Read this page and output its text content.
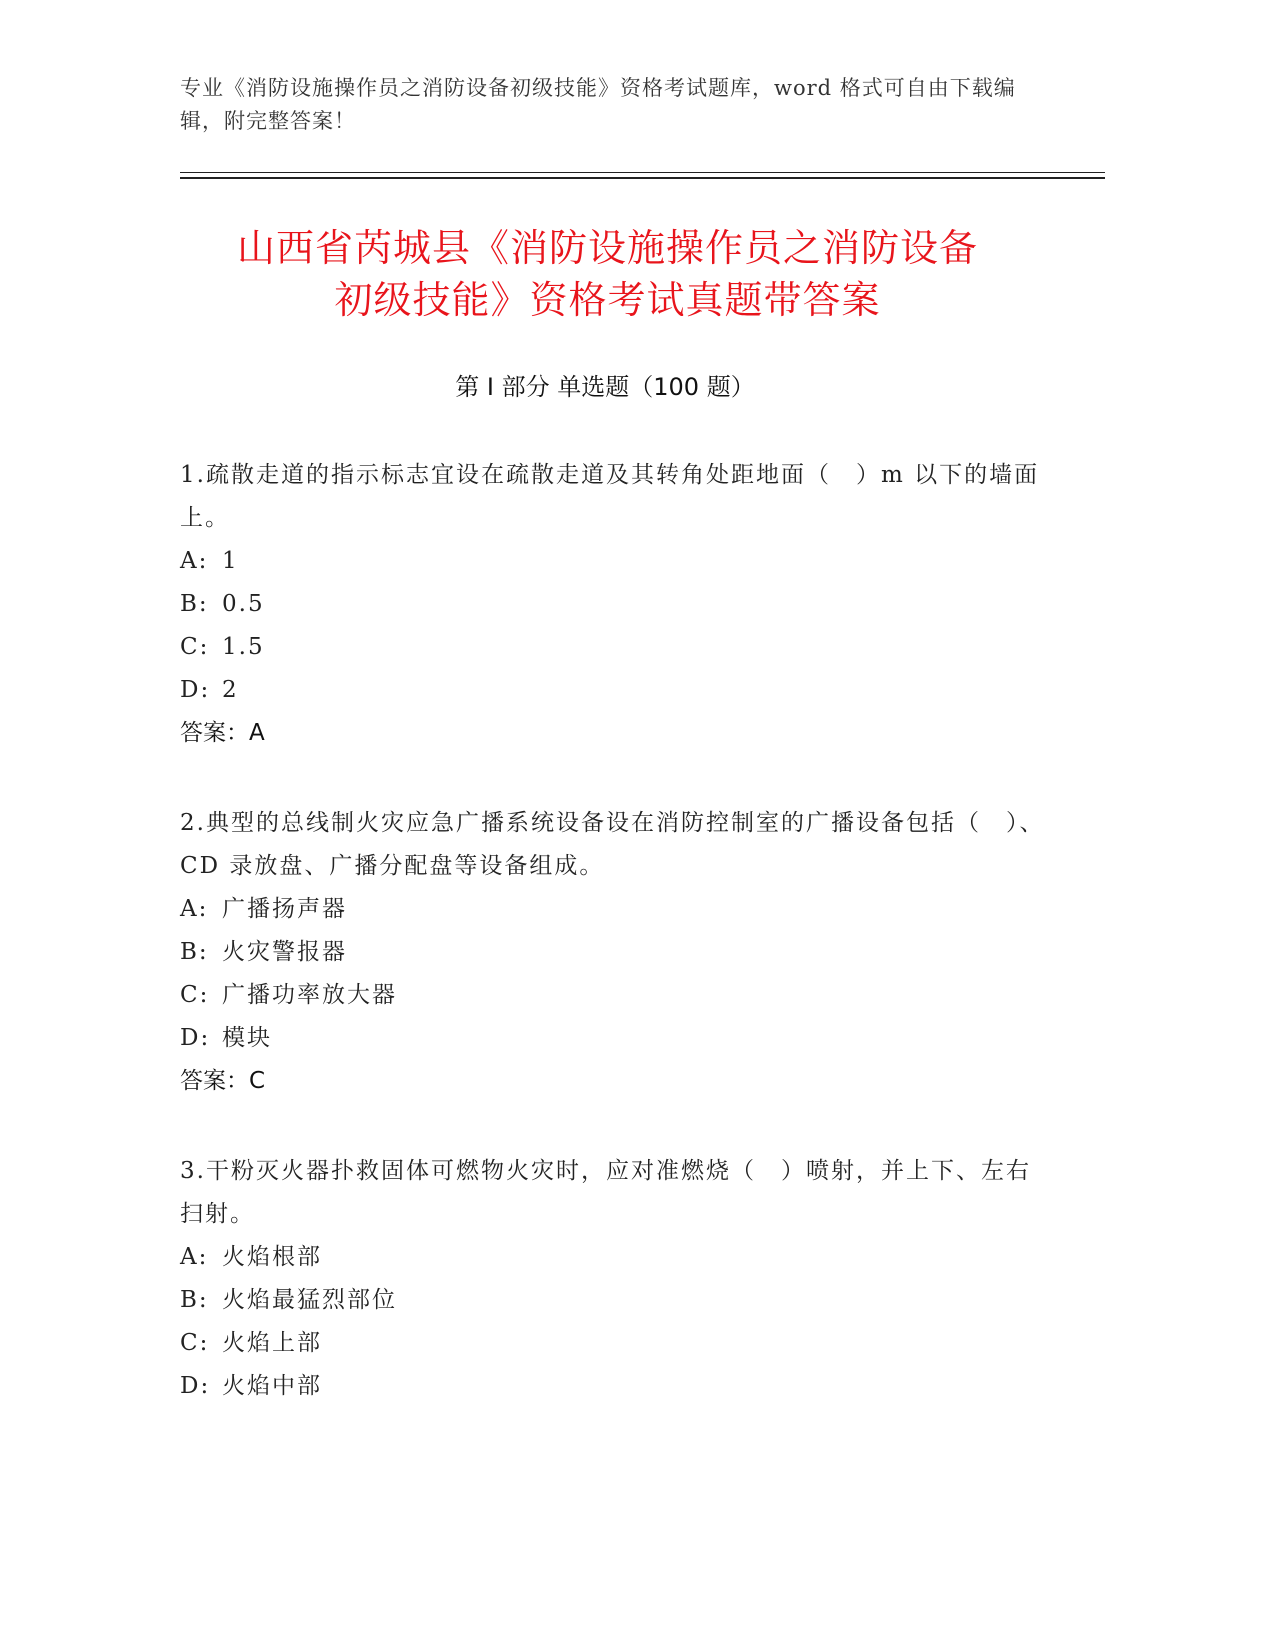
专业《消防设施操作员之消防设备初级技能》资格考试题库，word 格式可自由下载编辑，附完整答案！
山西省芮城县《消防设施操作员之消防设备
初级技能》资格考试真题带答案
第 I 部分 单选题（100 题）

1.疏散走道的指示标志宜设在疏散走道及其转角处距地面（　）m 以下的墙面上。

A: 1

B: 0.5

C: 1.5

D: 2

答案：A

2.典型的总线制火灾应急广播系统设备设在消防控制室的广播设备包括（　）、CD 录放盘、广播分配盘等设备组成。

A: 广播扬声器

B: 火灾警报器

C: 广播功率放大器

D: 模块

答案：C

3.干粉灭火器扑救固体可燃物火灾时，应对准燃烧（　）喷射，并上下、左右扫射。

A: 火焰根部

B: 火焰最猛烈部位

C: 火焰上部

D: 火焰中部
